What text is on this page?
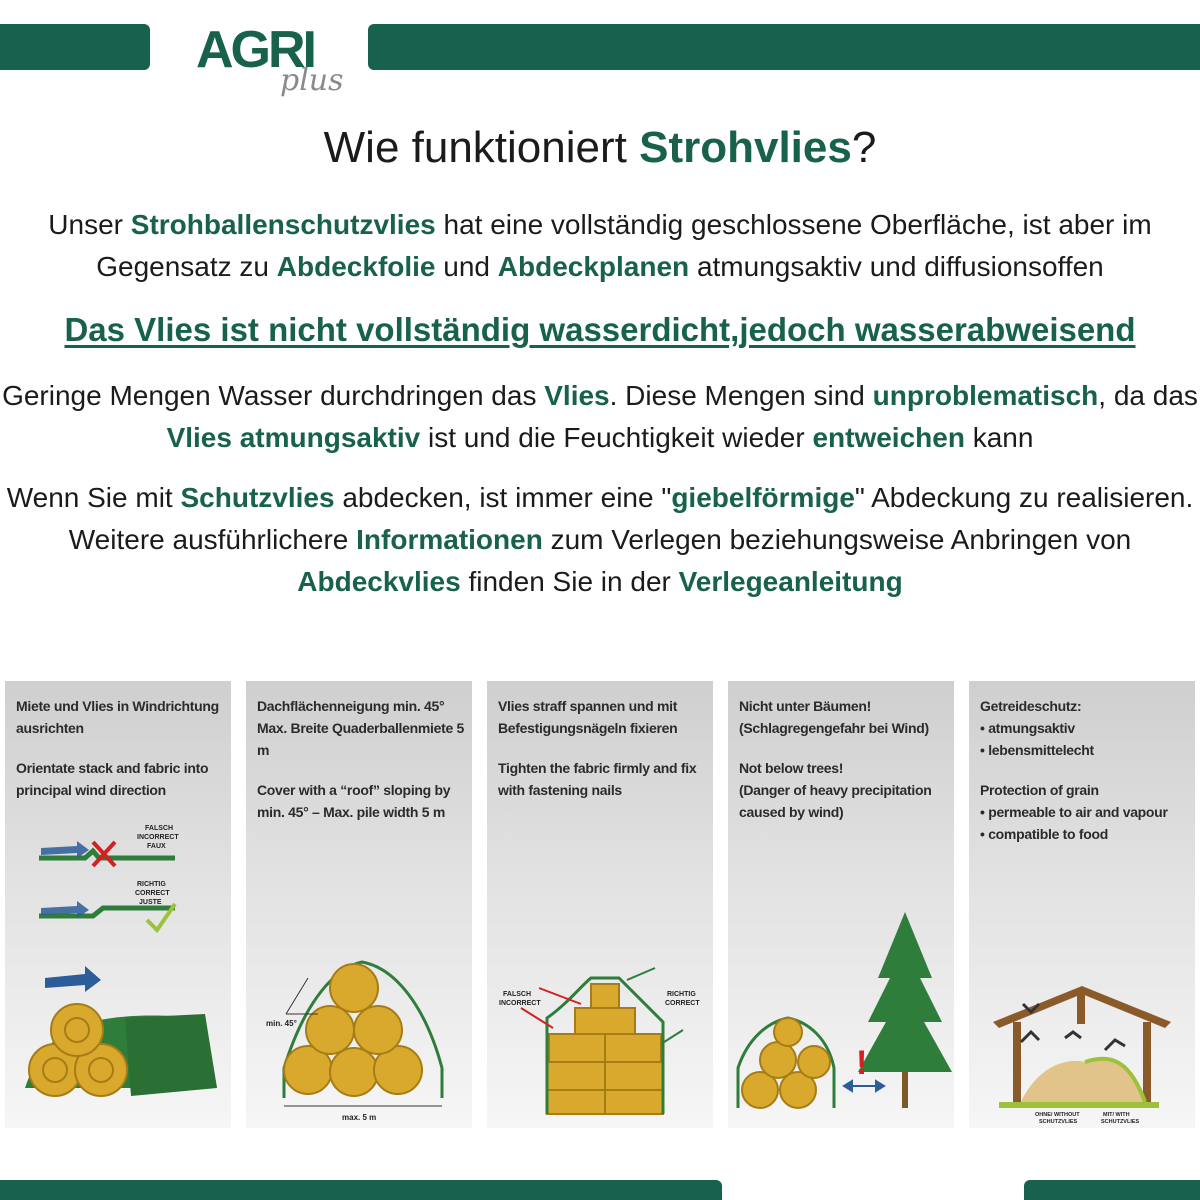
AGRI
plus
Wie funktioniert Strohvlies?
Unser Strohballenschutzvlies hat eine vollständig geschlossene Oberfläche, ist aber im Gegensatz zu Abdeckfolie und Abdeckplanen atmungsaktiv und diffusionsoffen
Das Vlies ist nicht vollständig wasserdicht,jedoch wasserabweisend
Geringe Mengen Wasser durchdringen das Vlies. Diese Mengen sind unproblematisch, da das Vlies atmungsaktiv ist und die Feuchtigkeit wieder entweichen kann
Wenn Sie mit Schutzvlies abdecken, ist immer eine "giebelförmige" Abdeckung zu realisieren. Weitere ausführlichere Informationen zum Verlegen beziehungsweise Anbringen von Abdeckvlies finden Sie in der Verlegeanleitung
Miete und Vlies in Windrichtung
ausrichten
Orientate stack and fabric into
principal wind direction
FALSCH INCORRECT FAUX
RICHTIG CORRECT JUSTE
Dachflächenneigung min. 45°
Max. Breite Quaderballenmiete 5 m
Cover with a “roof” sloping by
min. 45° – Max. pile width 5 m
min. 45°
max. 5 m
Vlies straff spannen und mit
Befestigungsnägeln fixieren
Tighten the fabric firmly and fix
with fastening nails
FALSCH INCORRECT
RICHTIG CORRECT
Nicht unter Bäumen!
(Schlagregengefahr bei Wind)
Not below trees!
(Danger of heavy precipitation
caused by wind)
!
Getreideschutz:
• atmungsaktiv
• lebensmittelecht
Protection of grain
• permeable to air and vapour
• compatible to food
OHNE/ WITHOUT SCHUTZVLIES
MIT/ WITH SCHUTZVLIES
